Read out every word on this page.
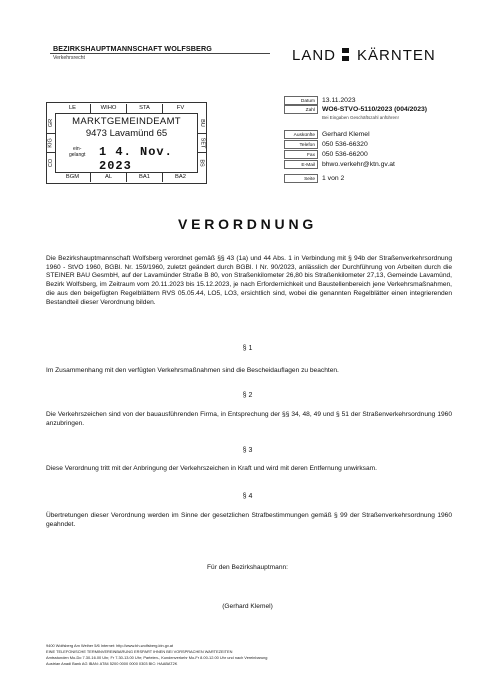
BEZIRKSHAUPTMANNSCHAFT WOLFSBERG
Verkehrsrecht	LAND KÄRNTEN
LE	WIHO	STA	FV
GR
KIG
CO
BU
SET
BS
MARKTGEMEINDEAMT
9473 Lavamünd 65
ein-
gelangt 1 4. Nov. 2023
BGM	AL	BA1	BA2
Datum	13.11.2023
Zahl	WO6-STVO-5110/2023 (004/2023)
Bei Eingaben Geschäftszahl anführen!
Auskünfte	Gerhard Klemel
Telefon	050 536-66320
Fax	050 536-66200
E-Mail	bhwo.verkehr@ktn.gv.at
Seite	1 von 2
VERORDNUNG
Die Bezirkshauptmannschaft Wolfsberg verordnet gemäß §§ 43 (1a) und 44 Abs. 1 in Verbindung mit § 94b der Straßenverkehrsordnung 1960 - StVO 1960, BGBl. Nr. 159/1960, zuletzt geändert durch BGBl. I Nr. 90/2023, anlässlich der Durchführung von Arbeiten durch die STEINER BAU GesmbH, auf der Lavamünder Straße B 80, von Straßenkilometer 26,80 bis Straßenkilometer 27,13, Gemeinde Lavamünd, Bezirk Wolfsberg, im Zeitraum vom 20.11.2023 bis 15.12.2023, je nach Erfordernichkeit und Baustellenbereich jene Verkehrsmaßnahmen, die aus den beigefügten Regelblättern RVS 05.05.44, LO5, LO3, ersichtlich sind, wobei die genannten Regelblätter einen integrierenden Bestandteil dieser Verordnung bilden.
§ 1
Im Zusammenhang mit den verfügten Verkehrsmaßnahmen sind die Bescheidauflagen zu beachten.
§ 2
Die Verkehrszeichen sind von der bauausführenden Firma, in Entsprechung der §§ 34, 48, 49 und § 51 der Straßenverkehrsordnung 1960 anzubringen.
§ 3
Diese Verordnung tritt mit der Anbringung der Verkehrszeichen in Kraft und wird mit deren Entfernung unwirksam.
§ 4
Übertretungen dieser Verordnung werden im Sinne der gesetzlichen Strafbestimmungen gemäß § 99 der Straßenverkehrsordnung 1960 geahndet.
Für den Bezirkshauptmann:
(Gerhard Klemel)
9400 Wolfsberg Am Weiher 5/6 Internet: http://www.bh-wolfsberg.ktn.gv.at
EINE TELEFONISCHE TERMINVEREINBARUNG ERSPART IHNEN BEI VORSPRACHEN WARTEZEITEN
Amtsstunden Mo-Do 7.30-16.00 Uhr, Fr 7.30-13.00 Uhr; Parteien-, Kundenverkehr Mo-Fr 8.00-12.00 Uhr und nach Vereinbarung
Austrian Anadi Bank AG IBAN: AT84 5200 0000 0000 0303 BIC: HAABAT2K
